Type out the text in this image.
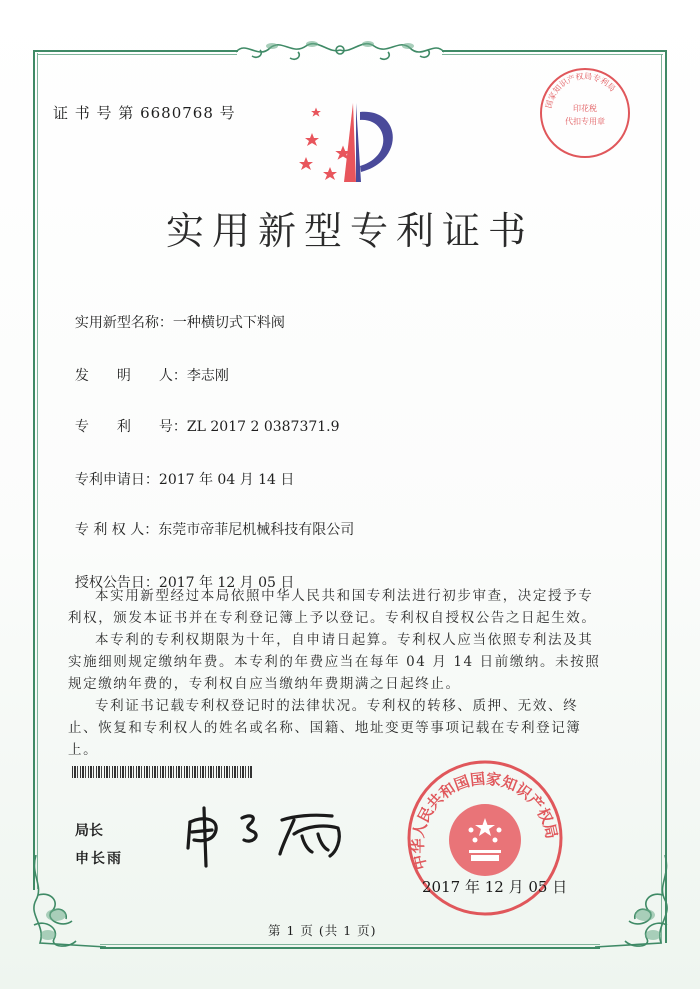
证 书 号 第 6680768 号	国家知识产权局专利局
印花税
代扣专用章
实用新型专利证书

实用新型名称：一种横切式下料阀

发　　明　　人：李志刚

专　　利　　号：ZL 2017 2 0387371.9

专利申请日：2017 年 04 月 14 日

专 利 权 人：东莞市帝菲尼机械科技有限公司

授权公告日：2017 年 12 月 05 日

本实用新型经过本局依照中华人民共和国专利法进行初步审查，决定授予专利权，颁发本证书并在专利登记簿上予以登记。专利权自授权公告之日起生效。

本专利的专利权期限为十年，自申请日起算。专利权人应当依照专利法及其实施细则规定缴纳年费。本专利的年费应当在每年 04 月 14 日前缴纳。未按照规定缴纳年费的，专利权自应当缴纳年费期满之日起终止。

专利证书记载专利权登记时的法律状况。专利权的转移、质押、无效、终止、恢复和专利权人的姓名或名称、国籍、地址变更等事项记载在专利登记簿上。

局长
申长雨	中华人民共和国国家知识产权局
2017 年 12 月 05 日
第 1 页 (共 1 页)
